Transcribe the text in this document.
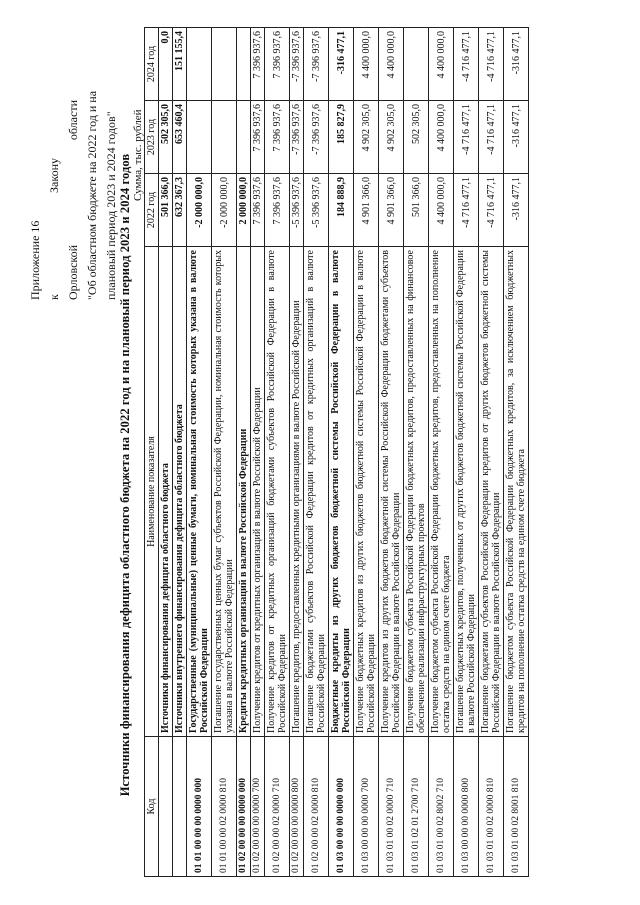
Приложение 16 к
Закону
Орловской
области "Об областном бюджете на 2022 год и на плановый период 2023 и 2024 годов" Источники финансирования дефицита областного бюджета на 2022 год и на плановый период 2023 и 2024 годов Сумма, тыс. рублей
Код	Наименование показателя	2022 год	2023 год	2024 год
	Источники финансирования дефицита областного бюджета	501 366,0	502 305,0	0,0
	Источники внутреннего финансирования дефицита областного бюджета	632 367,3	653 460,4	151 155,4
01 01 00 00 00 0000 000	Государственные (муниципальные) ценные бумаги, номинальная стоимость которых указана в валюте Российской Федерации	-2 000 000,0		
01 01 00 00 02 0000 810	Погашение государственных ценных бумаг субъектов Российской Федерации, номинальная стоимость которых указана в валюте Российской Федерации	-2 000 000,0		
01 02 00 00 00 0000 000	Кредиты кредитных организаций в валюте Российской Федерации	2 000 000,0		
01 02 00 00 00 0000 700	Получение кредитов от кредитных организаций в валюте Российской Федерации	7 396 937,6	7 396 937,6	7 396 937,6
01 02 00 00 02 0000 710	Получение кредитов от кредитных организаций бюджетами субъектов Российской Федерации в валюте Российской Федерации	7 396 937,6	7 396 937,6	7 396 937,6
01 02 00 00 00 0000 800	Погашение кредитов, предоставленных кредитными организациями в валюте Российской Федерации	-5 396 937,6	-7 396 937,6	-7 396 937,6
01 02 00 00 02 0000 810	Погашение бюджетами субъектов Российской Федерации кредитов от кредитных организаций в валюте Российской Федерации	-5 396 937,6	-7 396 937,6	-7 396 937,6
01 03 00 00 00 0000 000	Бюджетные кредиты из других бюджетов бюджетной системы Российской Федерации в валюте Российской Федерации	184 888,9	185 827,9	-316 477,1
01 03 00 00 00 0000 700	Получение бюджетных кредитов из других бюджетов бюджетной системы Российской Федерации в валюте Российской Федерации	4 901 366,0	4 902 305,0	4 400 000,0
01 03 01 00 02 0000 710	Получение кредитов из других бюджетов бюджетной системы Российской Федерации бюджетами субъектов Российской Федерации в валюте Российской Федерации	4 901 366,0	4 902 305,0	4 400 000,0
01 03 01 02 01 2700 710	Получение бюджетом субъекта Российской Федерации бюджетных кредитов, предоставленных на финансовое обеспечение реализации инфраструктурных проектов	501 366,0	502 305,0	
01 03 01 00 02 8002 710	Получение бюджетом субъекта Российской Федерации бюджетных кредитов, предоставленных на пополнение остатка средств на едином счете бюджета	4 400 000,0	4 400 000,0	4 400 000,0
01 03 00 00 00 0000 800	Погашение бюджетных кредитов, полученных от других бюджетов бюджетной системы Российской Федерации в валюте Российской Федерации	-4 716 477,1	-4 716 477,1	-4 716 477,1
01 03 01 00 02 0000 810	Погашение бюджетами субъектов Российской Федерации кредитов от других бюджетов бюджетной системы Российской Федерации в валюте Российской Федерации	-4 716 477,1	-4 716 477,1	-4 716 477,1
01 03 01 00 02 8001 810	Погашение бюджетом субъекта Российской Федерации бюджетных кредитов, за исключением бюджетных кредитов на пополнение остатка средств на едином счете бюджета	-316 477,1	-316 477,1	-316 477,1
